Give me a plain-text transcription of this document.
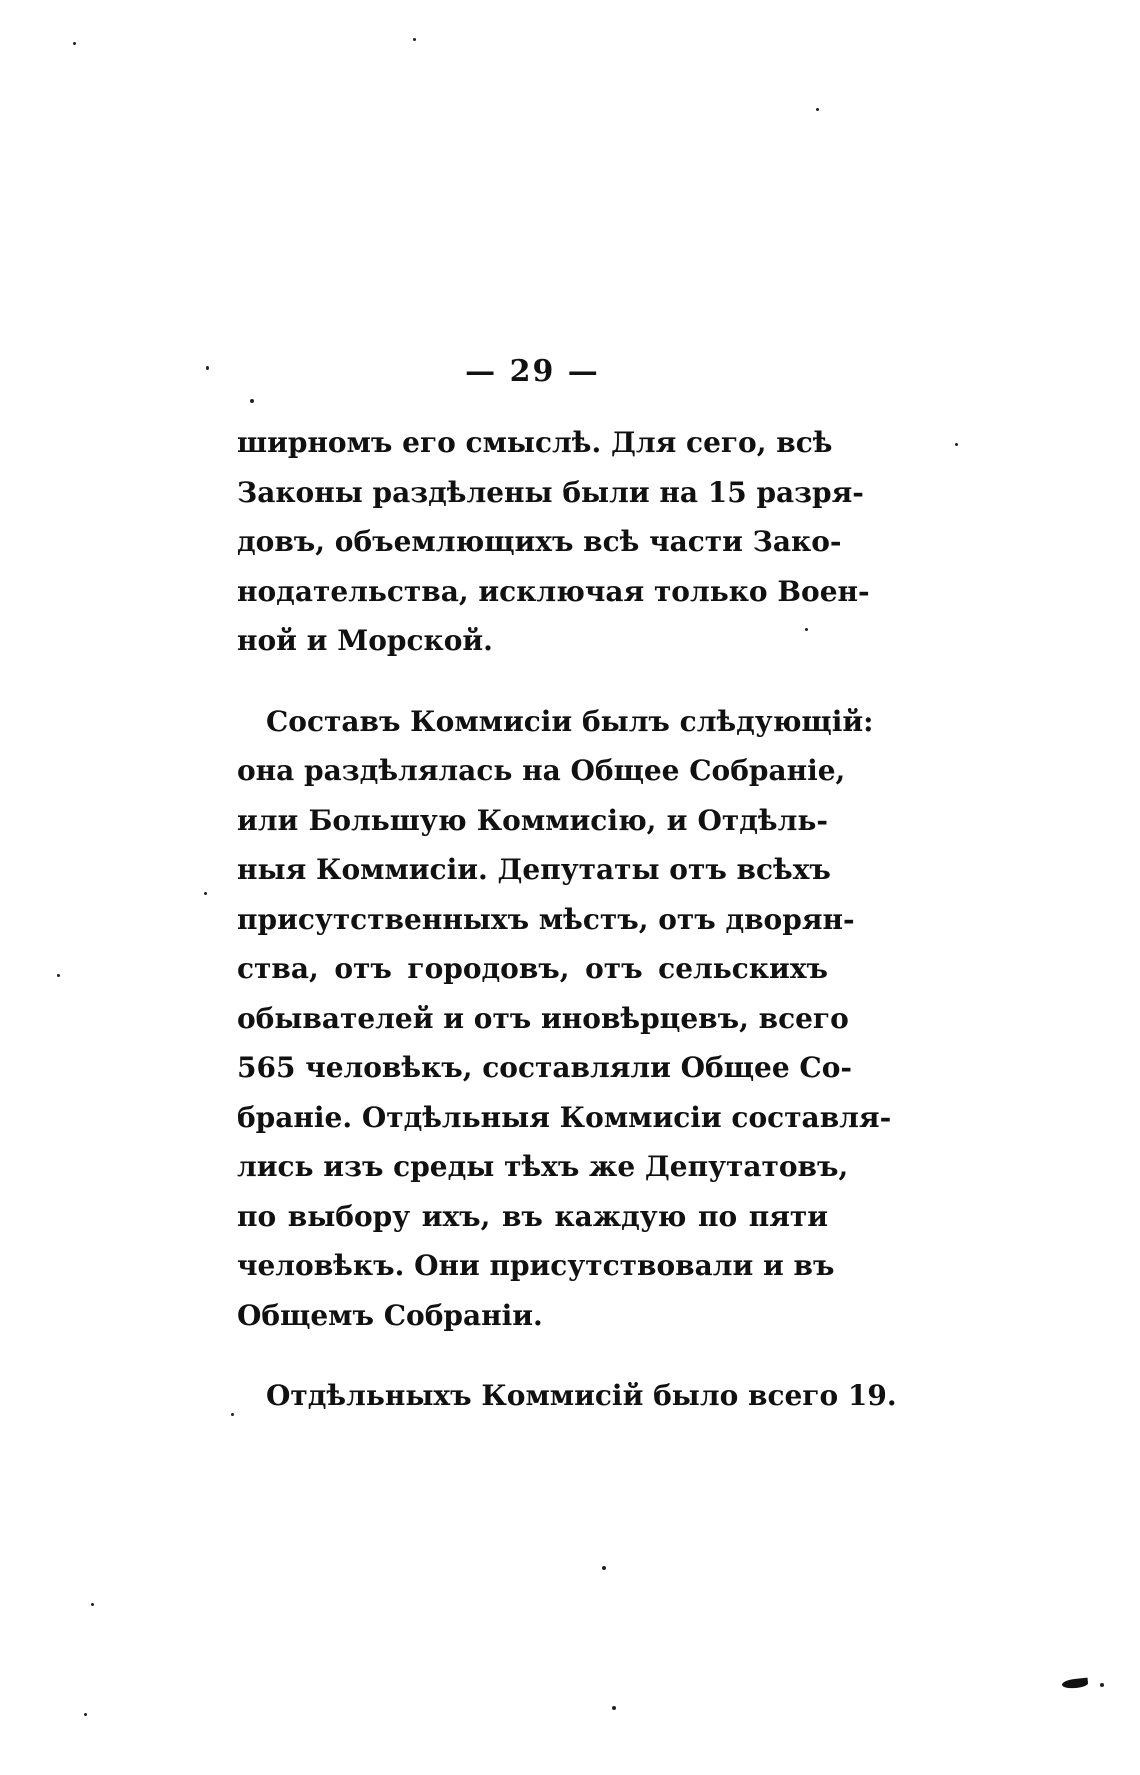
— 29 —
ширномъ его смыслѣ. Для сего, всѣ
Законы раздѣлены были на 15 разря-
довъ, объемлющихъ всѣ части Зако-
нодательства, исключая только Воен-
ной и Морской.
Составъ Коммисіи былъ слѣдующій:
она раздѣлялась на Общее Собраніе,
или Большую Коммисію, и Отдѣль-
ныя Коммисіи. Депутаты отъ всѣхъ
присутственныхъ мѣстъ, отъ дворян-
ства, отъ городовъ, отъ сельскихъ
обывателей и отъ иновѣрцевъ, всего
565 человѣкъ, составляли Общее Со-
браніе. Отдѣльныя Коммисіи составля-
лись изъ среды тѣхъ же Депутатовъ,
по выбору ихъ, въ каждую по пяти
человѣкъ. Они присутствовали и въ
Общемъ Собраніи.
Отдѣльныхъ Коммисій было всего 19.
